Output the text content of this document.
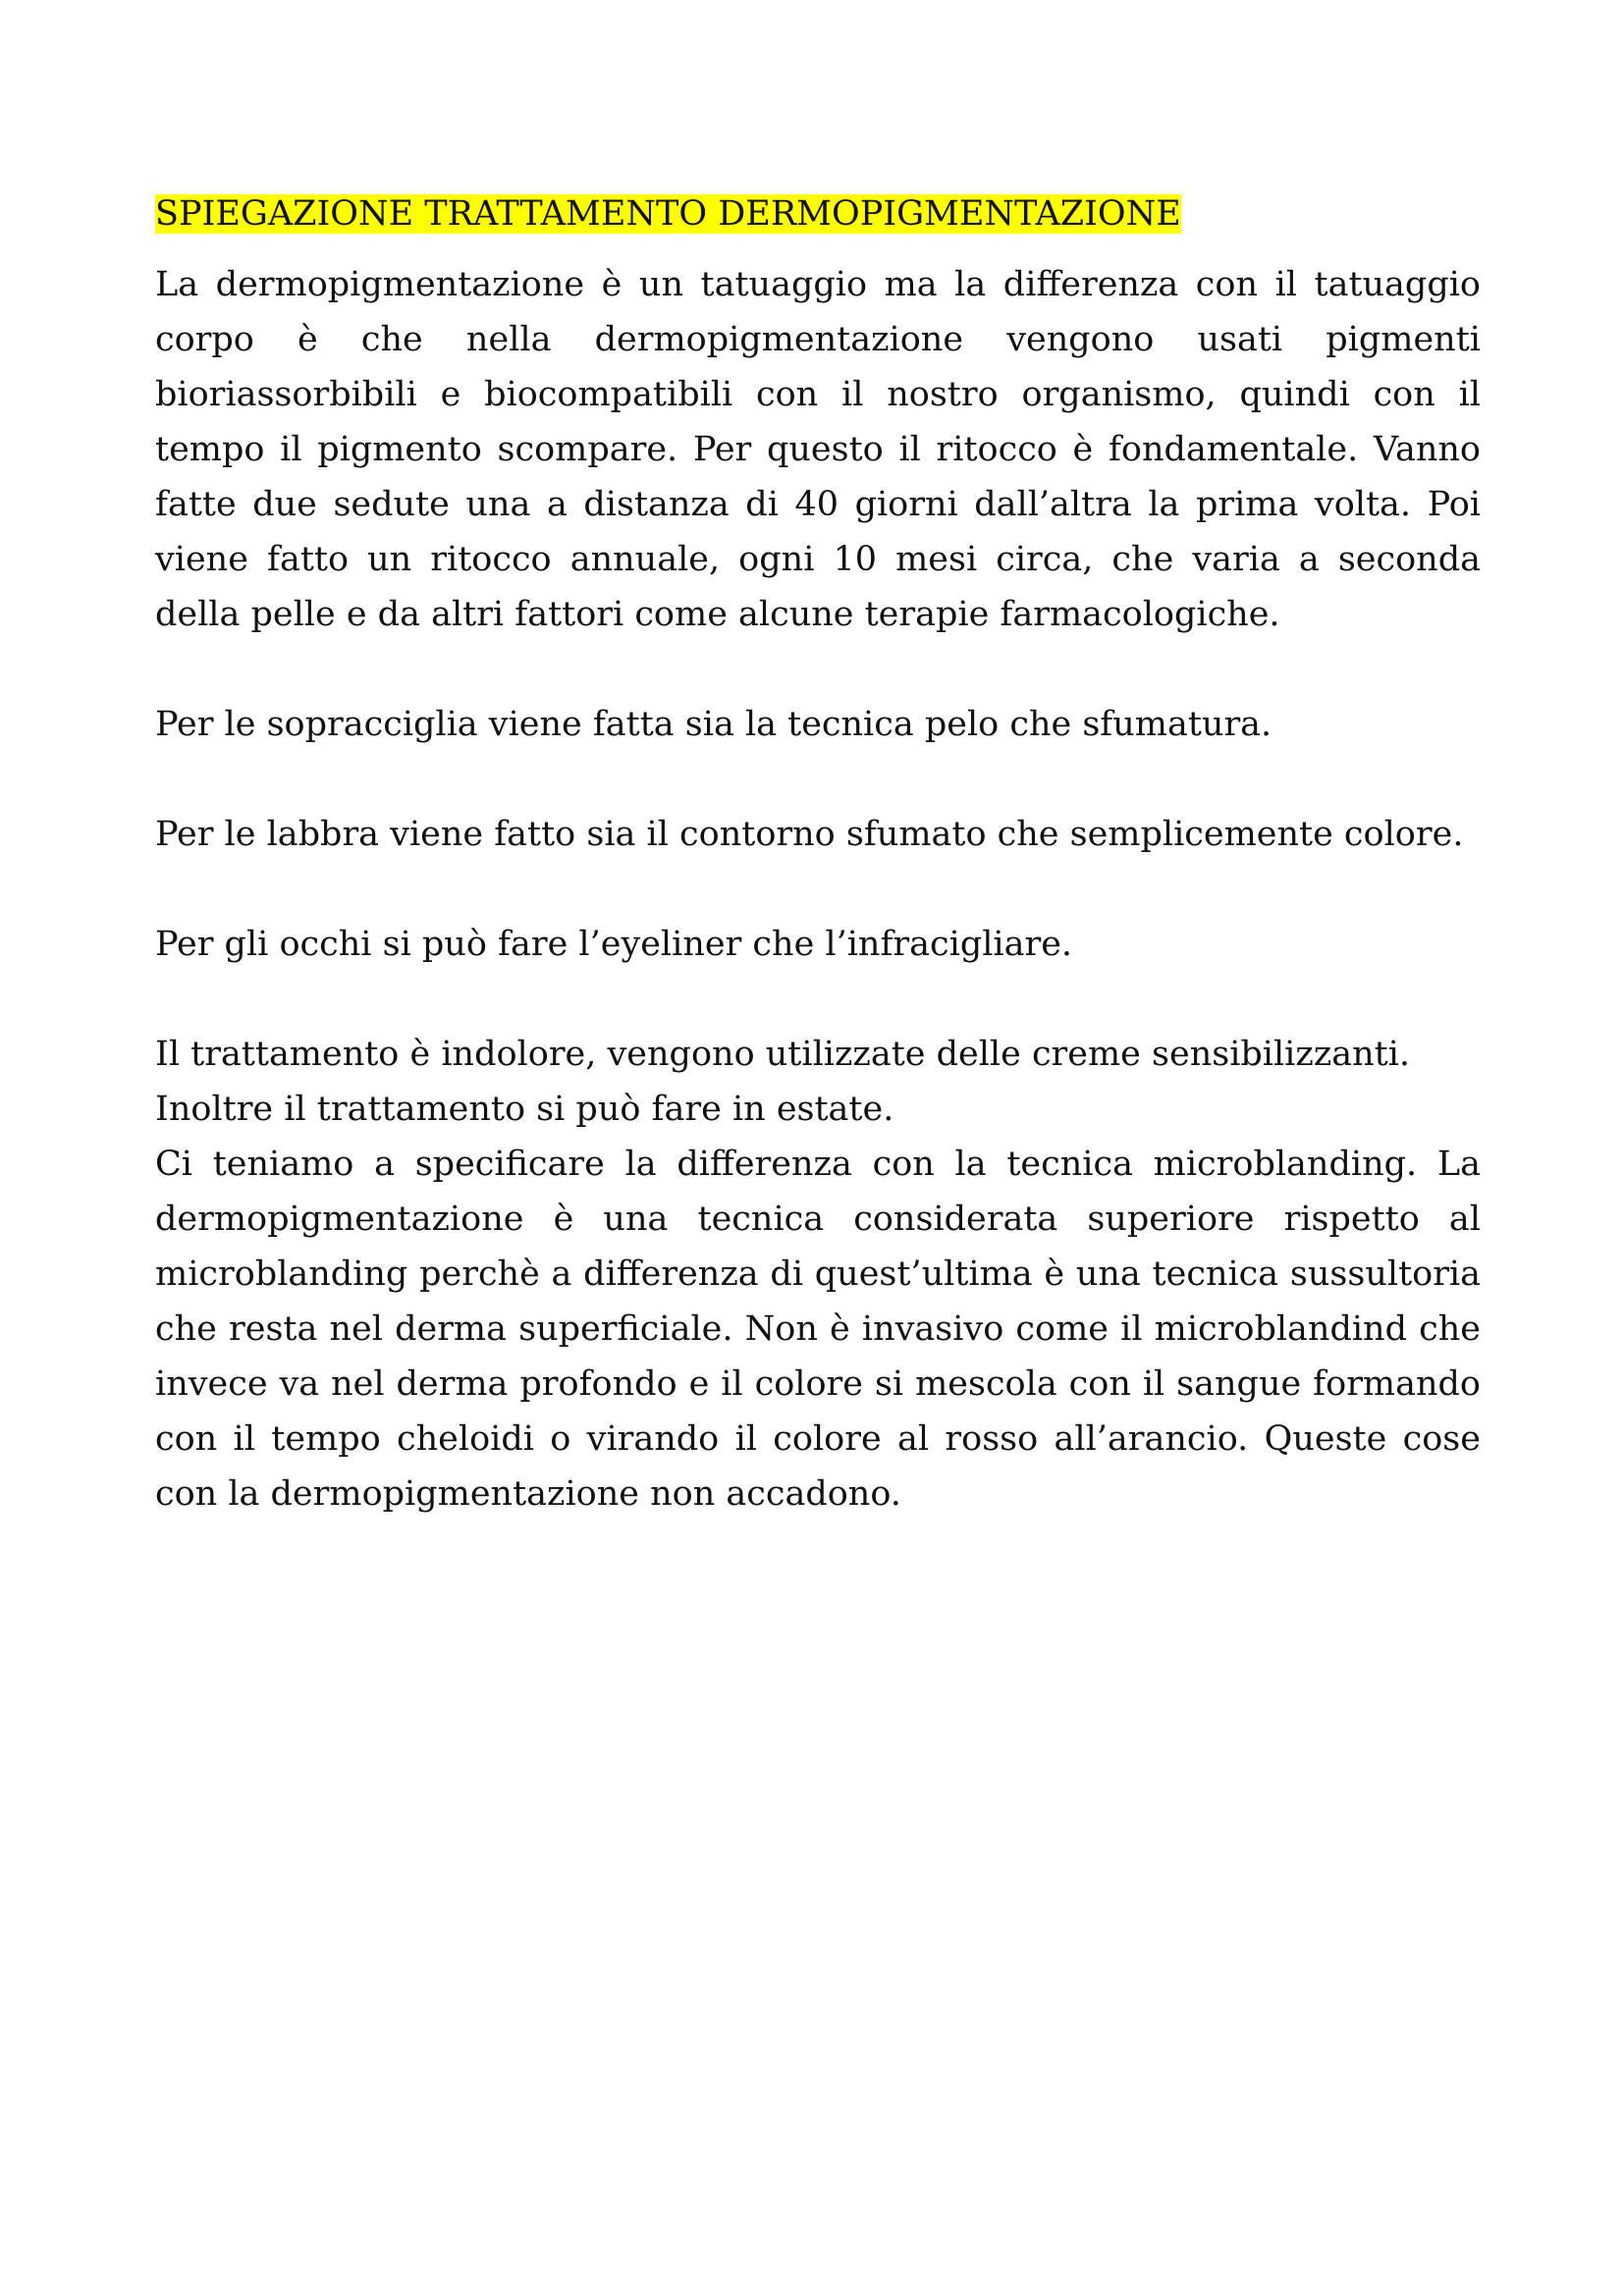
SPIEGAZIONE TRATTAMENTO DERMOPIGMENTAZIONE

La dermopigmentazione è un tatuaggio ma la differenza con il tatuaggio corpo è che nella dermopigmentazione vengono usati pigmenti bioriassorbibili e biocompatibili con il nostro organismo, quindi con il tempo il pigmento scompare. Per questo il ritocco è fondamentale. Vanno fatte due sedute una a distanza di 40 giorni dall’altra la prima volta. Poi viene fatto un ritocco annuale, ogni 10 mesi circa, che varia a seconda della pelle e da altri fattori come alcune terapie farmacologiche.

Per le sopracciglia viene fatta sia la tecnica pelo che sfumatura.

Per le labbra viene fatto sia il contorno sfumato che semplicemente colore.

Per gli occhi si può fare l’eyeliner che l’infracigliare.

Il trattamento è indolore, vengono utilizzate delle creme sensibilizzanti.

Inoltre il trattamento si può fare in estate.

Ci teniamo a specificare la differenza con la tecnica microblanding. La dermopigmentazione è una tecnica considerata superiore rispetto al microblanding perchè a differenza di quest’ultima è una tecnica sussultoria che resta nel derma superficiale. Non è invasivo come il microblandind che invece va nel derma profondo e il colore si mescola con il sangue formando con il tempo cheloidi o virando il colore al rosso all’arancio. Queste cose con la dermopigmentazione non accadono.
